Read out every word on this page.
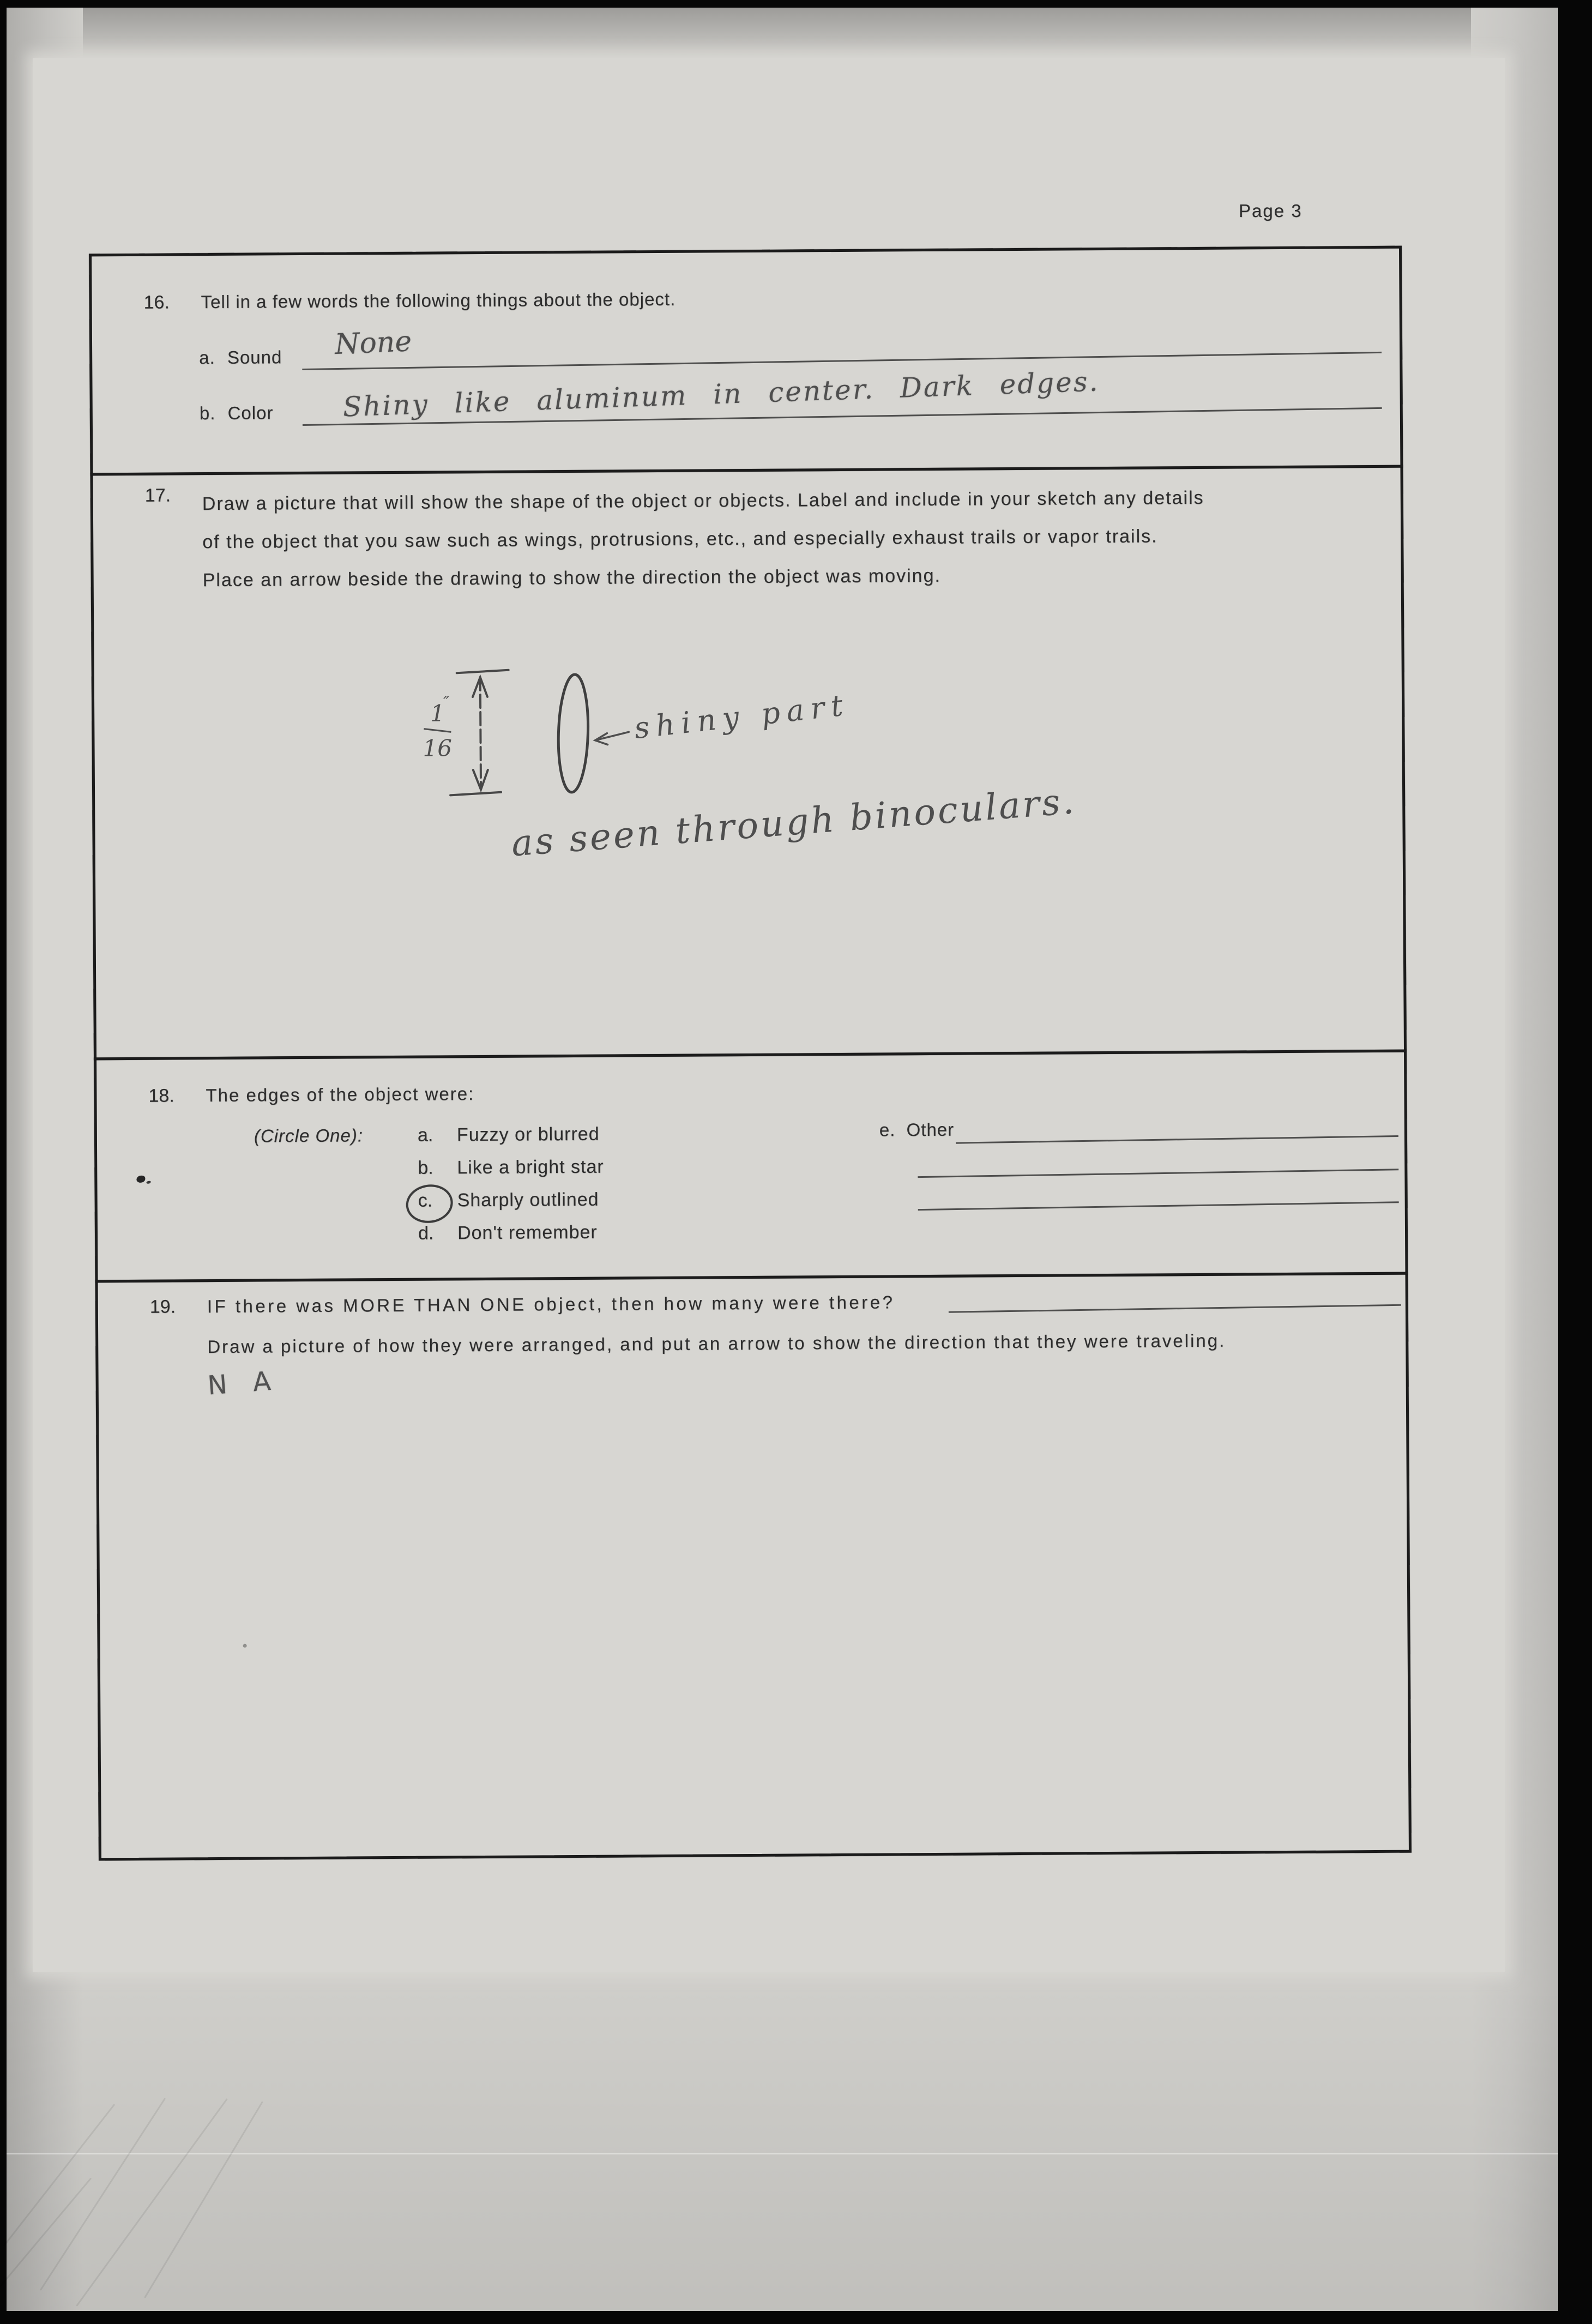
Page 3
16. Tell in a few words the following things about the object.
a. Sound None
b. Color	Shiny like aluminum in center. Dark edges.
17. Draw a picture that will show the shape of the object or objects. Label and include in your sketch any details
of the object that you saw such as wings, protrusions, etc., and especially exhaust trails or vapor trails.
Place an arrow beside the drawing to show the direction the object was moving.
1
″
16
shiny part
as seen through binoculars.
18. The edges of the object were:
(Circle One):	a. Fuzzy or blurred
b. Like a bright star
c. Sharply outlined
d. Don't remember
e. Other
19. IF there was MORE THAN ONE object, then how many were there?
Draw a picture of how they were arranged, and put an arrow to show the direction that they were traveling.
N A
